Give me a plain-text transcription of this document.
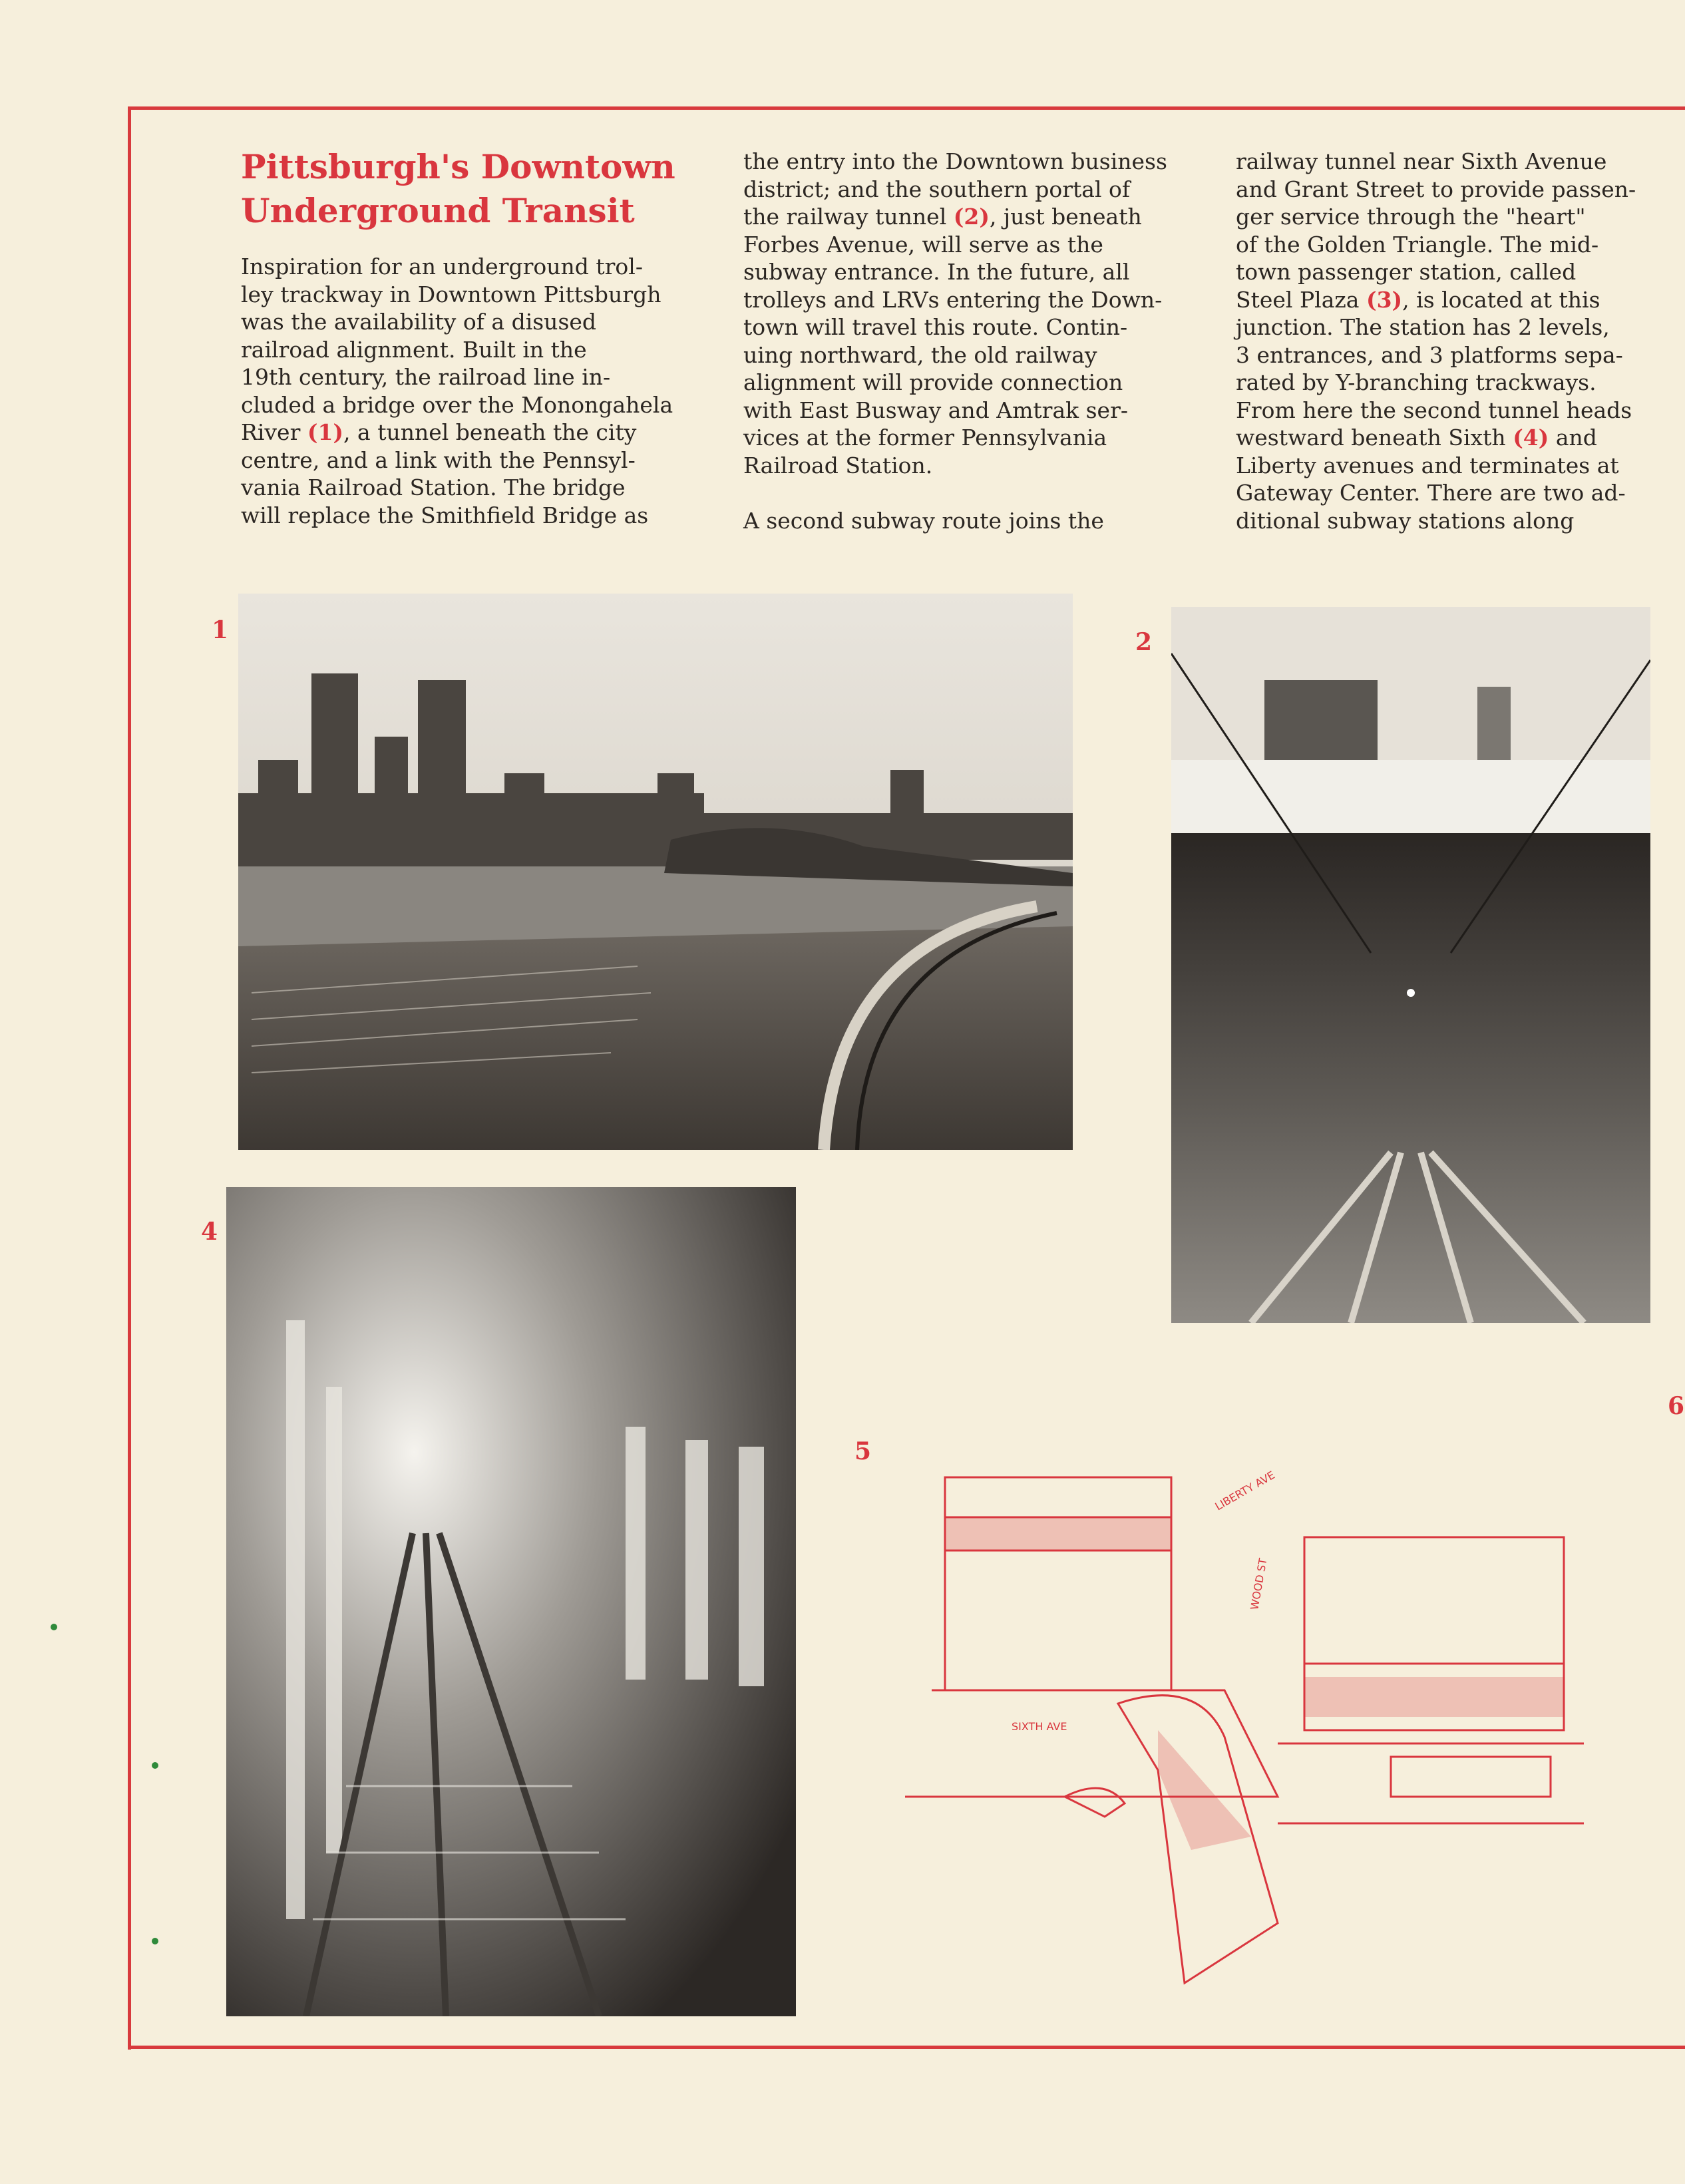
Pittsburgh's Downtown
Underground Transit
Inspiration for an underground trol-
ley trackway in Downtown Pittsburgh
was the availability of a disused
railroad alignment. Built in the
19th century, the railroad line in-
cluded a bridge over the Monongahela
River (1), a tunnel beneath the city
centre, and a link with the Pennsyl-
vania Railroad Station. The bridge
will replace the Smithfield Bridge as
the entry into the Downtown business
district; and the southern portal of
the railway tunnel (2), just beneath
Forbes Avenue, will serve as the
subway entrance. In the future, all
trolleys and LRVs entering the Down-
town will travel this route. Contin-
uing northward, the old railway
alignment will provide connection
with East Busway and Amtrak ser-
vices at the former Pennsylvania
Railroad Station.

A second subway route joins the
railway tunnel near Sixth Avenue
and Grant Street to provide passen-
ger service through the "heart"
of the Golden Triangle. The mid-
town passenger station, called
Steel Plaza (3), is located at this
junction. The station has 2 levels,
3 entrances, and 3 platforms sepa-
rated by Y-branching trackways.
From here the second tunnel heads
westward beneath Sixth (4) and
Liberty avenues and terminates at
Gateway Center. There are two ad-
ditional subway stations along
1	2
4
5
6
LIBERTY AVE
WOOD ST
SIXTH AVE
